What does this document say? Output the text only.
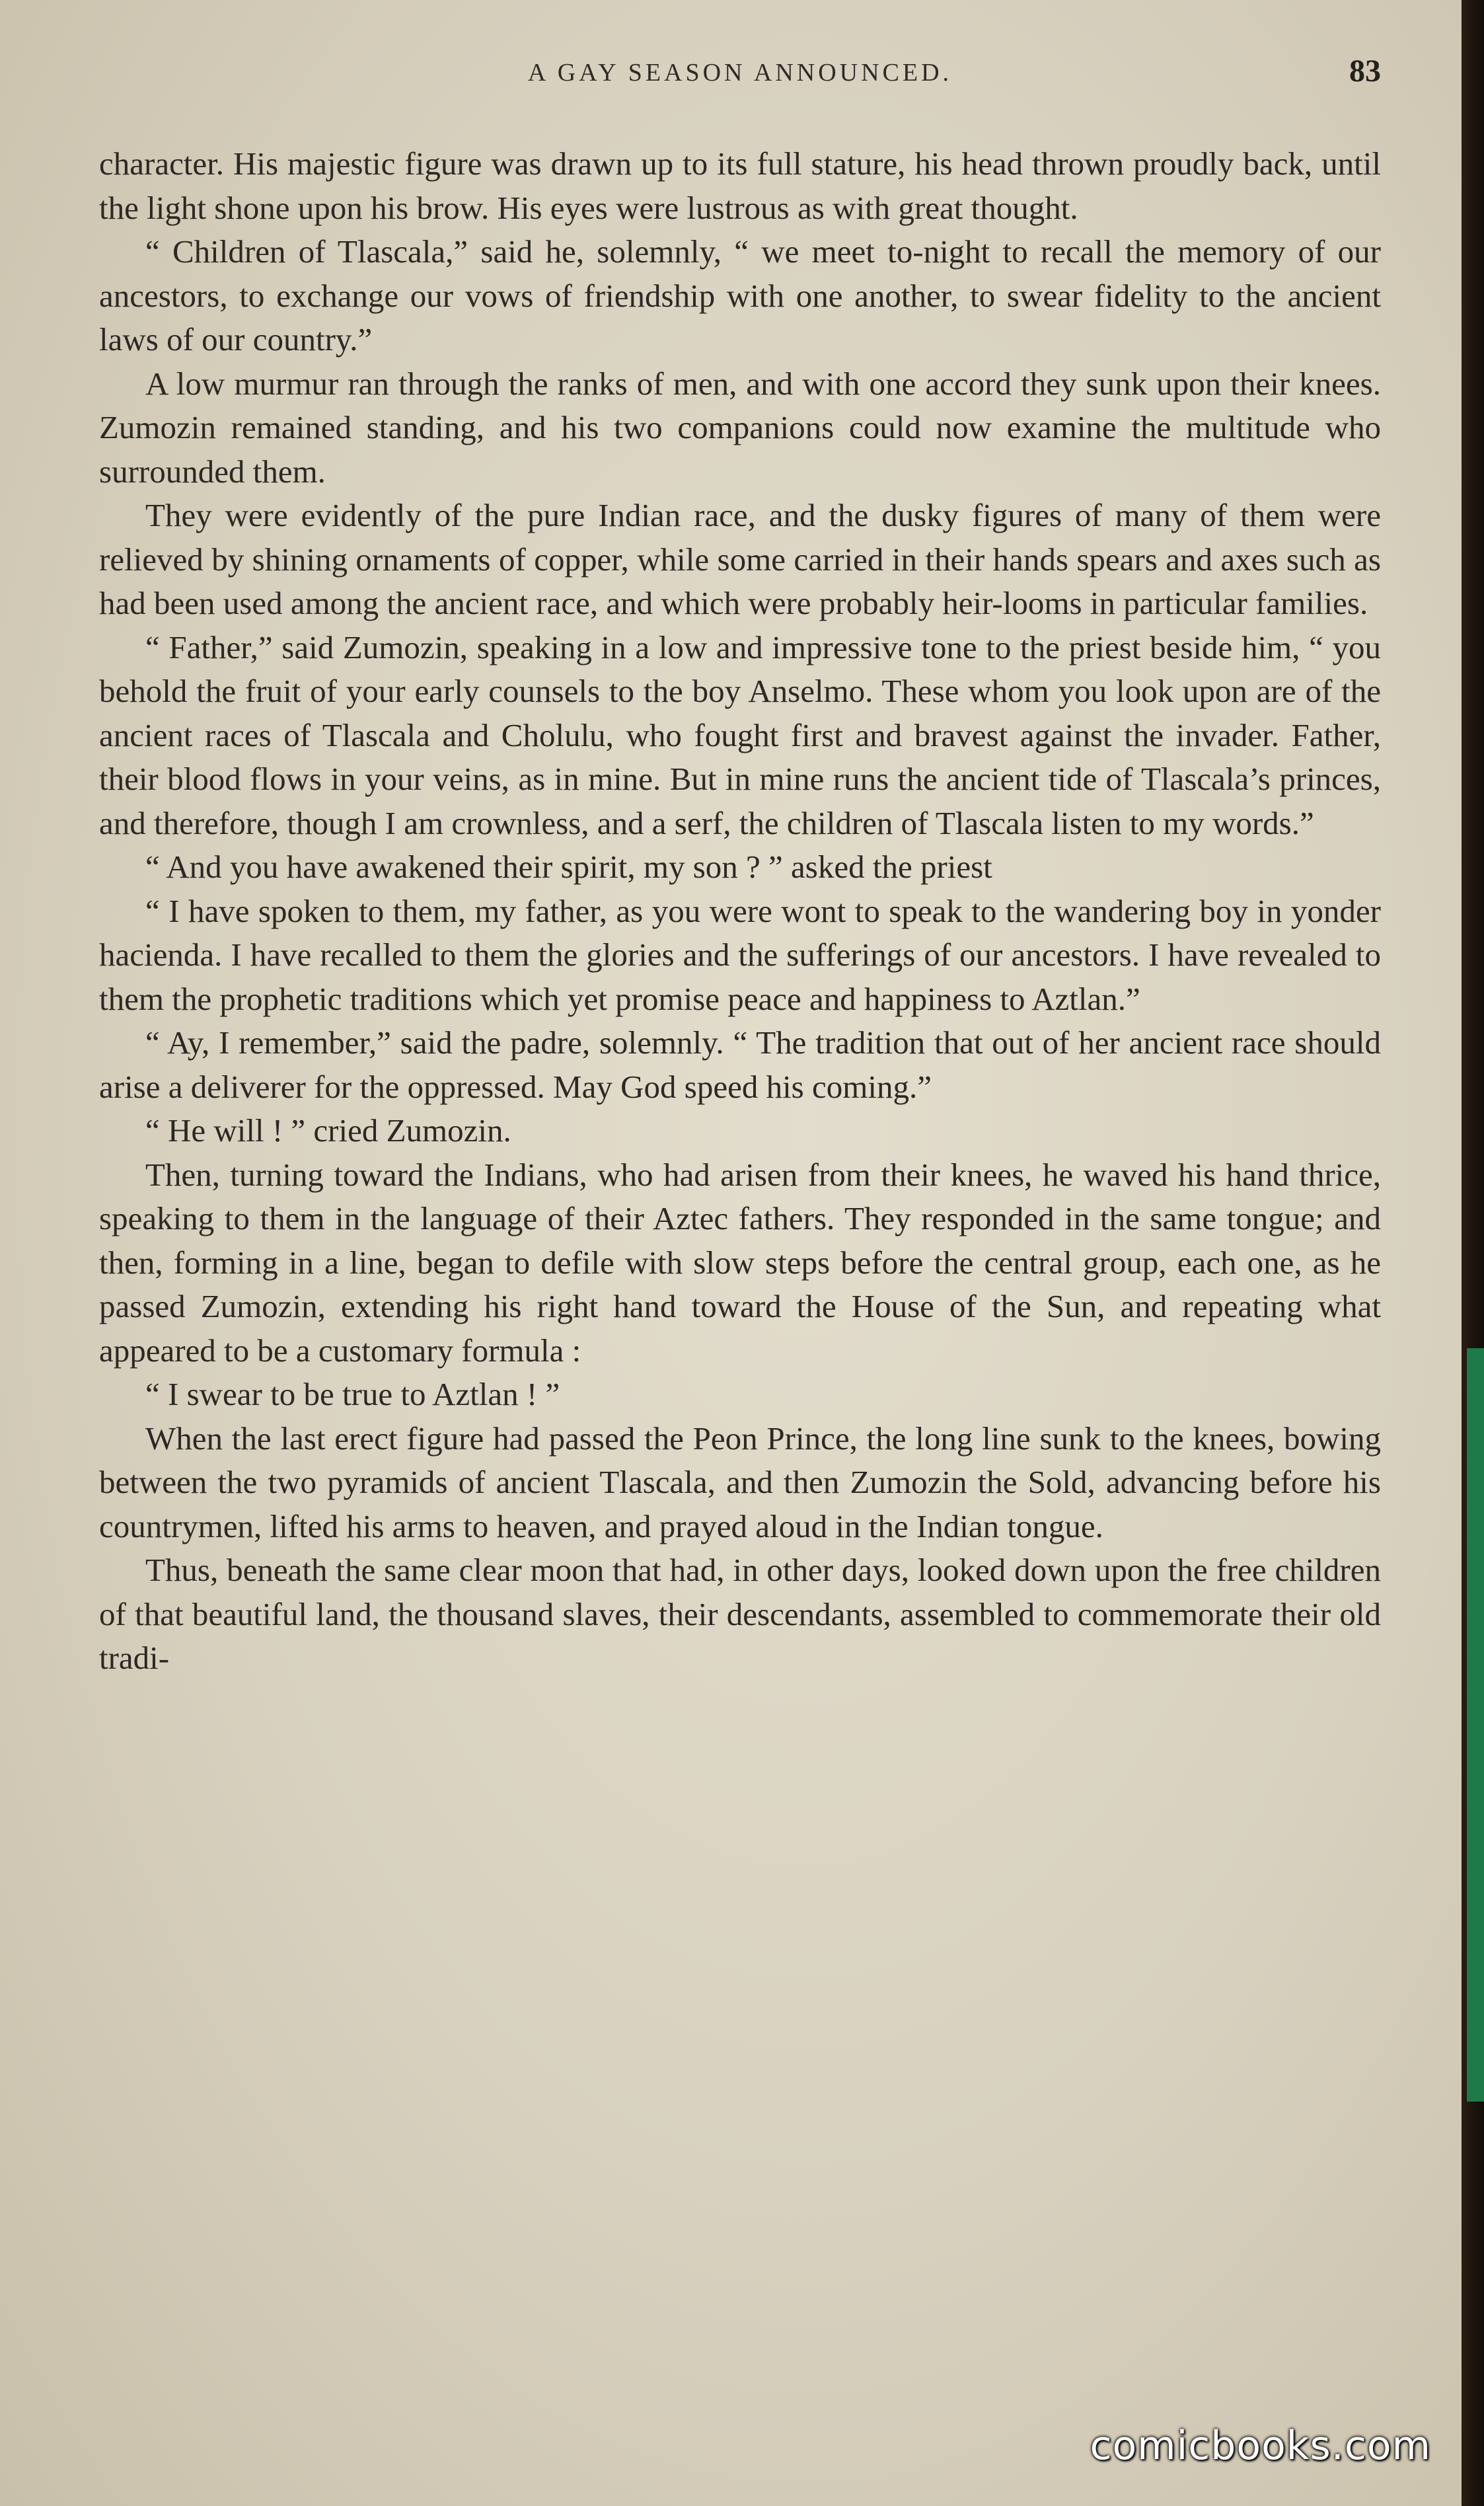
A GAY SEASON ANNOUNCED.	83

character. His majestic figure was drawn up to its full stature, his head thrown proudly back, until the light shone upon his brow. His eyes were lustrous as with great thought.

“ Children of Tlascala,” said he, solemnly, “ we meet to-night to recall the memory of our ancestors, to exchange our vows of friendship with one another, to swear fidelity to the ancient laws of our country.”

A low murmur ran through the ranks of men, and with one accord they sunk upon their knees. Zumozin remained standing, and his two companions could now examine the multitude who surrounded them.

They were evidently of the pure Indian race, and the dusky figures of many of them were relieved by shining ornaments of copper, while some carried in their hands spears and axes such as had been used among the ancient race, and which were probably heir-looms in particular families.

“ Father,” said Zumozin, speaking in a low and impressive tone to the priest beside him, “ you behold the fruit of your early counsels to the boy Anselmo. These whom you look upon are of the ancient races of Tlascala and Cholulu, who fought first and bravest against the invader. Father, their blood flows in your veins, as in mine. But in mine runs the ancient tide of Tlascala’s princes, and therefore, though I am crownless, and a serf, the children of Tlascala listen to my words.”

“ And you have awakened their spirit, my son ? ” asked the priest

“ I have spoken to them, my father, as you were wont to speak to the wandering boy in yonder hacienda. I have recalled to them the glories and the sufferings of our ancestors. I have revealed to them the prophetic traditions which yet promise peace and happiness to Aztlan.”

“ Ay, I remember,” said the padre, solemnly. “ The tradition that out of her ancient race should arise a deliverer for the oppressed. May God speed his coming.”

“ He will ! ” cried Zumozin.

Then, turning toward the Indians, who had arisen from their knees, he waved his hand thrice, speaking to them in the language of their Aztec fathers. They responded in the same tongue; and then, forming in a line, began to defile with slow steps before the central group, each one, as he passed Zumozin, extending his right hand toward the House of the Sun, and repeating what appeared to be a customary formula :

“ I swear to be true to Aztlan ! ”

When the last erect figure had passed the Peon Prince, the long line sunk to the knees, bowing between the two pyramids of ancient Tlascala, and then Zumozin the Sold, advancing before his countrymen, lifted his arms to heaven, and prayed aloud in the Indian tongue.

Thus, beneath the same clear moon that had, in other days, looked down upon the free children of that beautiful land, the thousand slaves, their descendants, assembled to commemorate their old tradi-

comicbooks.com
